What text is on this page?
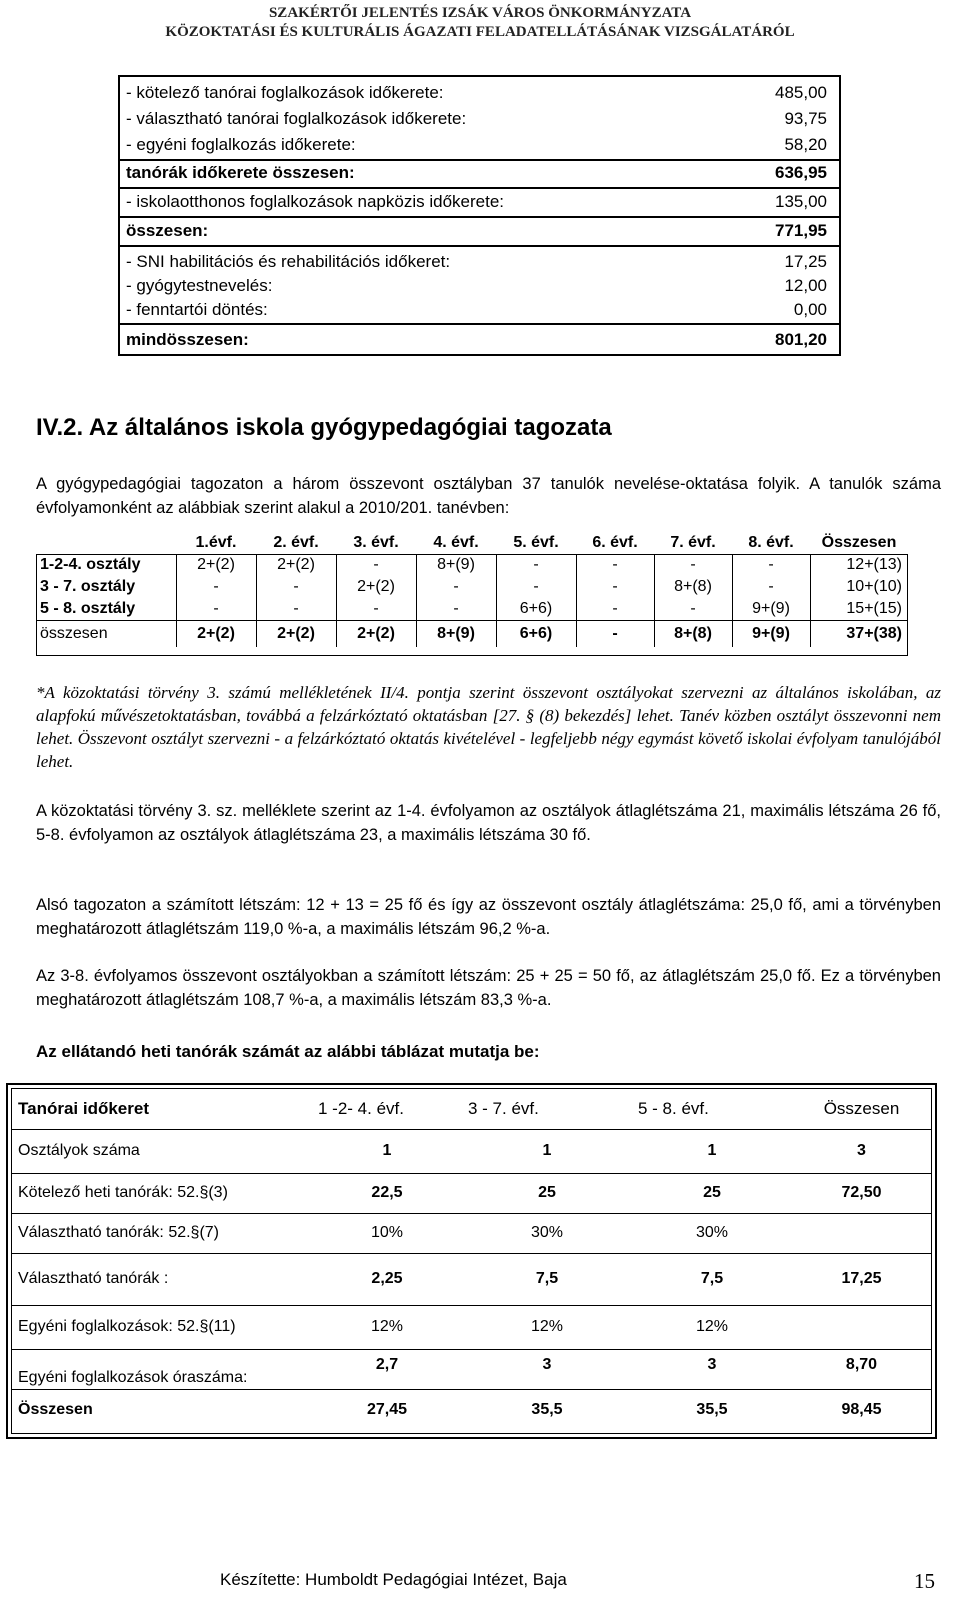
SZAKÉRTŐI JELENTÉS IZSÁK VÁROS ÖNKORMÁNYZATA
KÖZOKTATÁSI ÉS KULTURÁLIS ÁGAZATI FELADATELLÁTÁSÁNAK VIZSGÁLATÁRÓL
- kötelező tanórai foglalkozások időkerete:	485,00
- választható tanórai foglalkozások időkerete:	93,75
- egyéni foglalkozás időkerete:	58,20
tanórák időkerete összesen:	636,95
- iskolaotthonos foglalkozások napközis időkerete:	135,00
összesen:	771,95
- SNI habilitációs és rehabilitációs időkeret:	17,25
- gyógytestnevelés:	12,00
- fenntartói döntés:	0,00
mindösszesen:	801,20
IV.2. Az általános iskola gyógypedagógiai tagozata
A gyógypedagógiai tagozaton a három összevont osztályban 37 tanulók nevelése-oktatása folyik. A tanulók száma évfolyamonként az alábbiak szerint alakul a 2010/201. tanévben:
	1.évf.	2. évf.	3. évf.	4. évf.	5. évf.	6. évf.	7. évf.	8. évf.	Összesen
1-2-4. osztály	2+(2)	2+(2)	-	8+(9)	-	-	-	-	12+(13)
3 - 7. osztály	-	-	2+(2)	-	-	-	8+(8)	-	10+(10)
5 - 8. osztály	-	-	-	-	6+6)	-	-	9+(9)	15+(15)
összesen	2+(2)	2+(2)	2+(2)	8+(9)	6+6)	-	8+(8)	9+(9)	37+(38)
*A közoktatási törvény 3. számú mellékletének II/4. pontja szerint összevont osztályokat szervezni az általános iskolában, az alapfokú művészetoktatásban, továbbá a felzárkóztató oktatásban [27. § (8) bekezdés] lehet. Tanév közben osztályt összevonni nem lehet. Összevont osztályt szervezni - a felzárkóztató oktatás kivételével - legfeljebb négy egymást követő iskolai évfolyam tanulójából lehet.
A közoktatási törvény 3. sz. melléklete szerint az 1-4. évfolyamon az osztályok átlaglétszáma 21, maximális létszáma 26 fő, 5-8. évfolyamon az osztályok átlaglétszáma 23, a maximális létszáma 30 fő.
Alsó tagozaton a számított létszám: 12 + 13 = 25 fő és így az összevont osztály átlaglétszáma: 25,0 fő, ami a törvényben meghatározott átlaglétszám 119,0 %-a, a maximális létszám 96,2 %-a.
Az 3-8. évfolyamos összevont osztályokban a számított létszám: 25 + 25 = 50 fő, az átlaglétszám 25,0 fő. Ez a törvényben meghatározott átlaglétszám 108,7 %-a, a maximális létszám 83,3 %-a.
Az ellátandó heti tanórák számát az alábbi táblázat mutatja be:
Tanórai időkeret	1 -2- 4. évf.	3 - 7. évf.	5 - 8. évf.	Összesen
Osztályok száma	1	1	1	3
Kötelező heti tanórák: 52.§(3)	22,5	25	25	72,50
Választható tanórák: 52.§(7)	10%	30%	30%	
Választható tanórák :	2,25	7,5	7,5	17,25
Egyéni foglalkozások: 52.§(11)	12%	12%	12%	
Egyéni foglalkozások óraszáma:	2,7	3	3	8,70
Összesen	27,45	35,5	35,5	98,45
Készítette: Humboldt Pedagógiai Intézet, Baja	15
